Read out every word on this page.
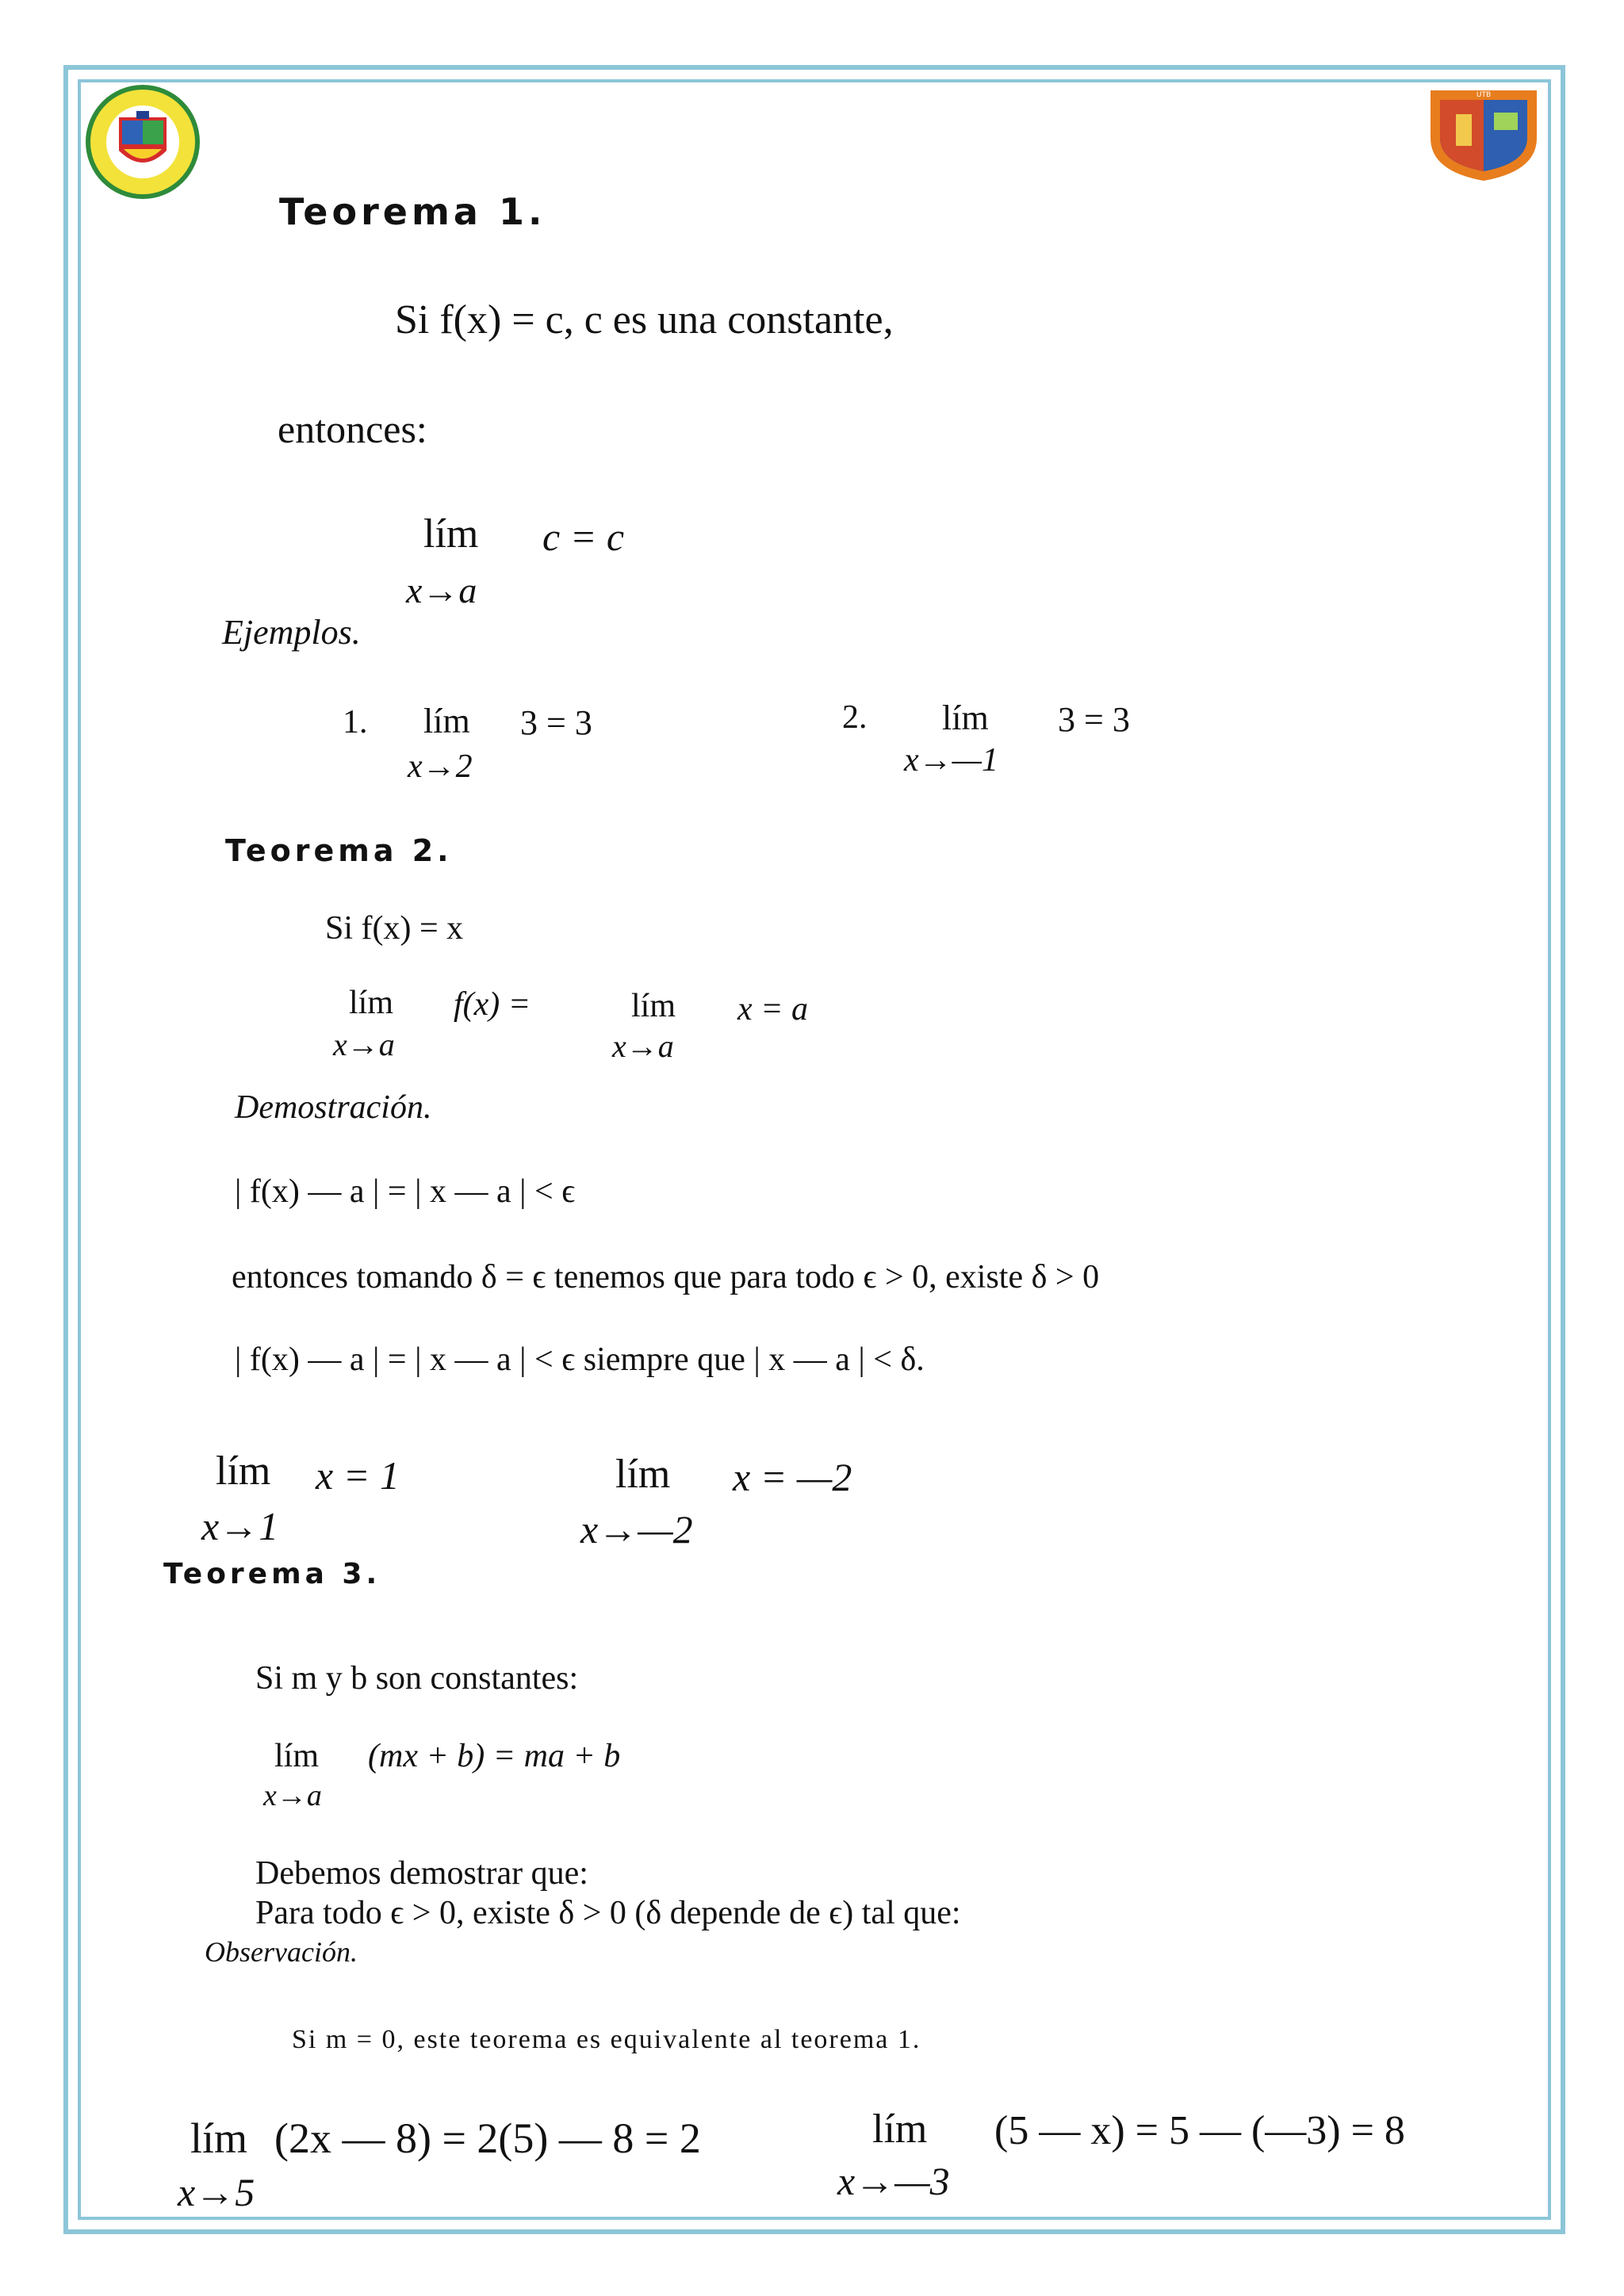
UTB
Teorema 1.
Si f(x) = c, c es una constante,
entonces:
lím c = c
x→a
Ejemplos.
1. lím 3 = 3
x→2
2. lím 3 = 3
x→—1
Teorema 2.
Si f(x) = x
lím f(x) =
x→a
lím x = a
x→a
Demostración.
| f(x) — a | = | x — a | < ϵ
entonces tomando δ = ϵ tenemos que para todo ϵ > 0, existe δ > 0
| f(x) — a | = | x — a | < ϵ siempre que | x — a | < δ.
lím x = 1
x→1
lím x = —2
x→—2
Teorema 3.
Si m y b son constantes:
lím (mx + b) = ma + b
x→a
Debemos demostrar que:
Para todo ϵ > 0, existe δ > 0 (δ depende de ϵ) tal que:
Observación.
Si m = 0, este teorema es equivalente al teorema 1.
lím (2x — 8) = 2(5) — 8 = 2
x→5
lím (5 — x) = 5 — (—3) = 8
x→—3
